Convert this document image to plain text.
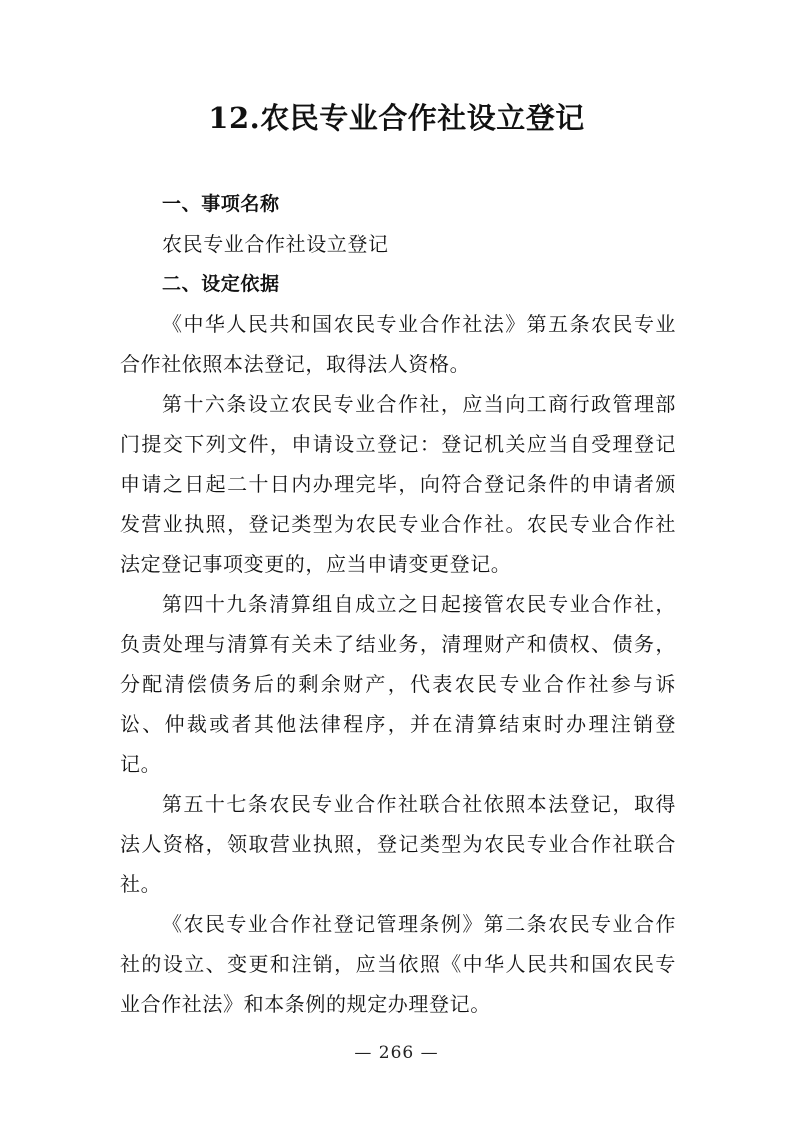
12.农民专业合作社设立登记

一、事项名称

农民专业合作社设立登记

二、设定依据

《中华人民共和国农民专业合作社法》第五条农民专业合作社依照本法登记，取得法人资格。

第十六条设立农民专业合作社，应当向工商行政管理部门提交下列文件，申请设立登记：登记机关应当自受理登记申请之日起二十日内办理完毕，向符合登记条件的申请者颁发营业执照，登记类型为农民专业合作社。农民专业合作社法定登记事项变更的，应当申请变更登记。

第四十九条清算组自成立之日起接管农民专业合作社，负责处理与清算有关未了结业务，清理财产和债权、债务，分配清偿债务后的剩余财产，代表农民专业合作社参与诉讼、仲裁或者其他法律程序，并在清算结束时办理注销登记。

第五十七条农民专业合作社联合社依照本法登记，取得法人资格，领取营业执照，登记类型为农民专业合作社联合社。

《农民专业合作社登记管理条例》第二条农民专业合作社的设立、变更和注销，应当依照《中华人民共和国农民专业合作社法》和本条例的规定办理登记。

— 266 —
